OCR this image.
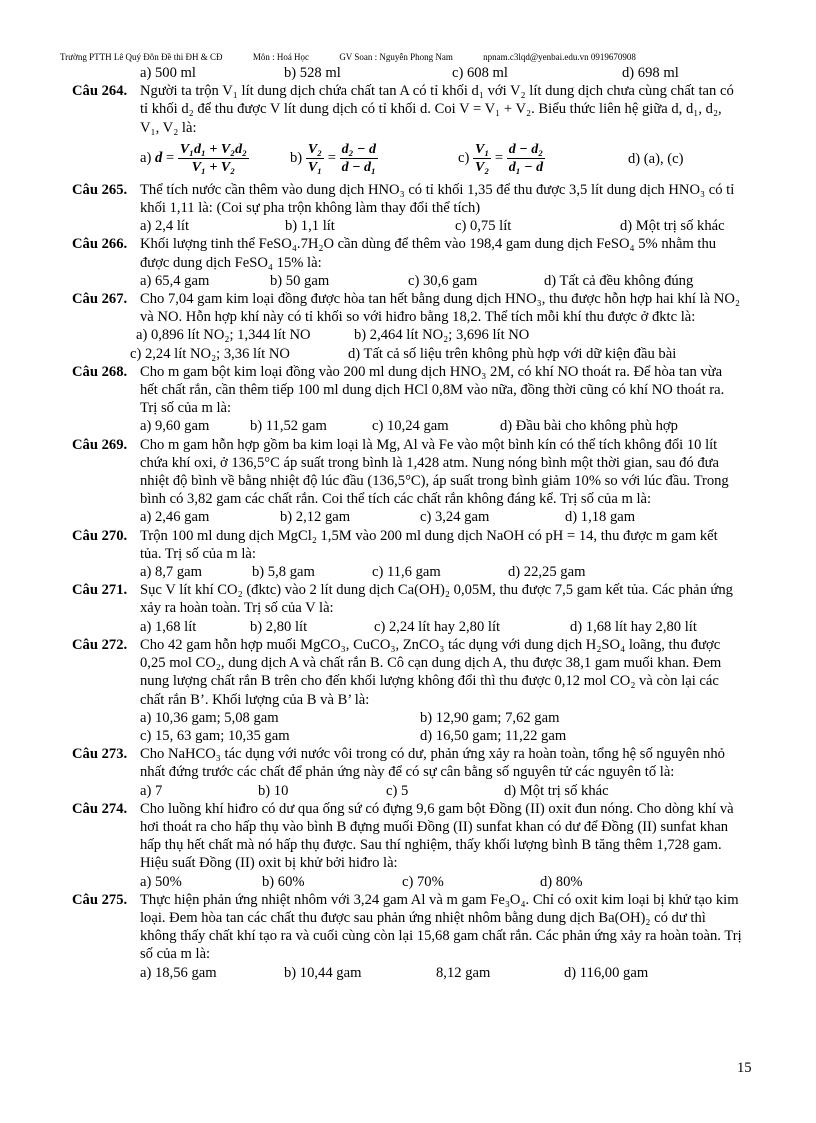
Trường PTTH Lê Quý Đôn Đề thi ĐH & CĐ	Môn : Hoá Học	GV Soan : Nguyễn Phong Nam	npnam.c3lqd@yenbai.edu.vn 0919670908
a) 500 ml	b) 528 ml	c) 608 ml	d) 698 ml
Câu 264. Người ta trộn V₁ lít dung dịch chứa chất tan A có tỉ khối d₁ với V₂ lít dung dịch chưa cùng chất tan có tỉ khối d₂ để thu được V lít dung dịch có tỉ khối d. Coi V = V₁ + V₂. Biểu thức liên hệ giữa d, d₁, d₂, V₁, V₂ là:
a) $d = \frac{\text{V₁d₁ + V₂d₂}}{\text{V₁ + V₂}}$	$b) \frac{\text{V₂}}{\text{V₁}} = \frac{\text{d₂ − d}}{\text{d − d₁}}$	$c) \frac{\text{V₁}}{\text{V₂}} = \frac{\text{d − d₂}}{\text{d₁ − d}}$	d) (a), (c)
Câu 265. Thể tích nước cần thêm vào dung dịch HNO₃ có tỉ khối 1,35 để thu được 3,5 lít dung dịch HNO₃ có tỉ khối 1,11 là: (Coi sự pha trộn không làm thay đổi thể tích)
a) 2,4 lít	b) 1,1 lít	c) 0,75 lít	d) Một trị số khác
Câu 266. Khối lượng tinh thể FeSO₄.7H₂O cần dùng để thêm vào 198,4 gam dung dịch FeSO₄ 5% nhằm thu được dung dịch FeSO₄ 15% là:
a) 65,4 gam	b) 50 gam	c) 30,6 gam	d) Tất cả đều không đúng
Câu 267. Cho 7,04 gam kim loại đồng được hòa tan hết bằng dung dịch HNO₃, thu được hỗn hợp hai khí là NO₂ và NO. Hỗn hợp khí này có tỉ khối so với hiđro bằng 18,2. Thể tích mỗi khí thu được ở đktc là:
a) 0,896 lít NO₂; 1,344 lít NO	b) 2,464 lít NO₂; 3,696 lít NO
c) 2,24 lít NO₂; 3,36 lít NO	d) Tất cả số liệu trên không phù hợp với dữ kiện đầu bài
Câu 268. Cho m gam bột kim loại đồng vào 200 ml dung dịch HNO₃ 2M, có khí NO thoát ra. Để hòa tan vừa hết chất rắn, cần thêm tiếp 100 ml dung dịch HCl 0,8M vào nữa, đồng thời cũng có khí NO thoát ra. Trị số của m là:
a) 9,60 gam	b) 11,52 gam	c) 10,24 gam	d) Đầu bài cho không phù hợp
Câu 269. Cho m gam hỗn hợp gồm ba kim loại là Mg, Al và Fe vào một bình kín có thể tích không đổi 10 lít chứa khí oxi, ở 136,5°C áp suất trong bình là 1,428 atm. Nung nóng bình một thời gian, sau đó đưa nhiệt độ bình về bằng nhiệt độ lúc đầu (136,5°C), áp suất trong bình giảm 10% so với lúc đầu. Trong bình có 3,82 gam các chất rắn. Coi thể tích các chất rắn không đáng kể. Trị số của m là:
a) 2,46 gam	b) 2,12 gam	c) 3,24 gam	d) 1,18 gam
Câu 270. Trộn 100 ml dung dịch MgCl₂ 1,5M vào 200 ml dung dịch NaOH có pH = 14, thu được m gam kết tủa. Trị số của m là:
a) 8,7 gam	b) 5,8 gam	c) 11,6 gam	d) 22,25 gam
Câu 271. Sục V lít khí CO₂ (đktc) vào 2 lít dung dịch Ca(OH)₂ 0,05M, thu được 7,5 gam kết tủa. Các phản ứng xảy ra hoàn toàn. Trị số của V là:
a) 1,68 lít	b) 2,80 lít	c) 2,24 lít hay 2,80 lít	d) 1,68 lít hay 2,80 lít
Câu 272. Cho 42 gam hỗn hợp muối MgCO₃, CuCO₃, ZnCO₃ tác dụng với dung dịch H₂SO₄ loãng, thu được 0,25 mol CO₂, dung dịch A và chất rắn B. Cô cạn dung dịch A, thu được 38,1 gam muối khan. Đem nung lượng chất rắn B trên cho đến khối lượng không đổi thì thu được 0,12 mol CO₂ và còn lại các chất rắn B’. Khối lượng của B và B’ là:
a) 10,36 gam; 5,08 gam	b) 12,90 gam; 7,62 gam
c) 15, 63 gam; 10,35 gam	d) 16,50 gam; 11,22 gam
Câu 273. Cho NaHCO₃ tác dụng với nước vôi trong có dư, phản ứng xảy ra hoàn toàn, tổng hệ số nguyên nhỏ nhất đứng trước các chất để phản ứng này để có sự cân bằng số nguyên tử các nguyên tố là:
a) 7	b) 10	c) 5	d) Một trị số khác
Câu 274. Cho luồng khí hiđro có dư qua ống sứ có đựng 9,6 gam bột Đồng (II) oxit đun nóng. Cho dòng khí và hơi thoát ra cho hấp thụ vào bình B đựng muối Đồng (II) sunfat khan có dư để Đồng (II) sunfat khan hấp thụ hết chất mà nó hấp thụ được. Sau thí nghiệm, thấy khối lượng bình B tăng thêm 1,728 gam. Hiệu suất Đồng (II) oxit bị khử bởi hiđro là:
a) 50%	b) 60%	c) 70%	d) 80%
Câu 275. Thực hiện phản ứng nhiệt nhôm với 3,24 gam Al và m gam Fe₃O₄. Chỉ có oxit kim loại bị khử tạo kim loại. Đem hòa tan các chất thu được sau phản ứng nhiệt nhôm bằng dung dịch Ba(OH)₂ có dư thì không thấy chất khí tạo ra và cuối cùng còn lại 15,68 gam chất rắn. Các phản ứng xảy ra hoàn toàn. Trị số của m là:
a) 18,56 gam	b) 10,44 gam	8,12 gam	d) 116,00 gam
15
